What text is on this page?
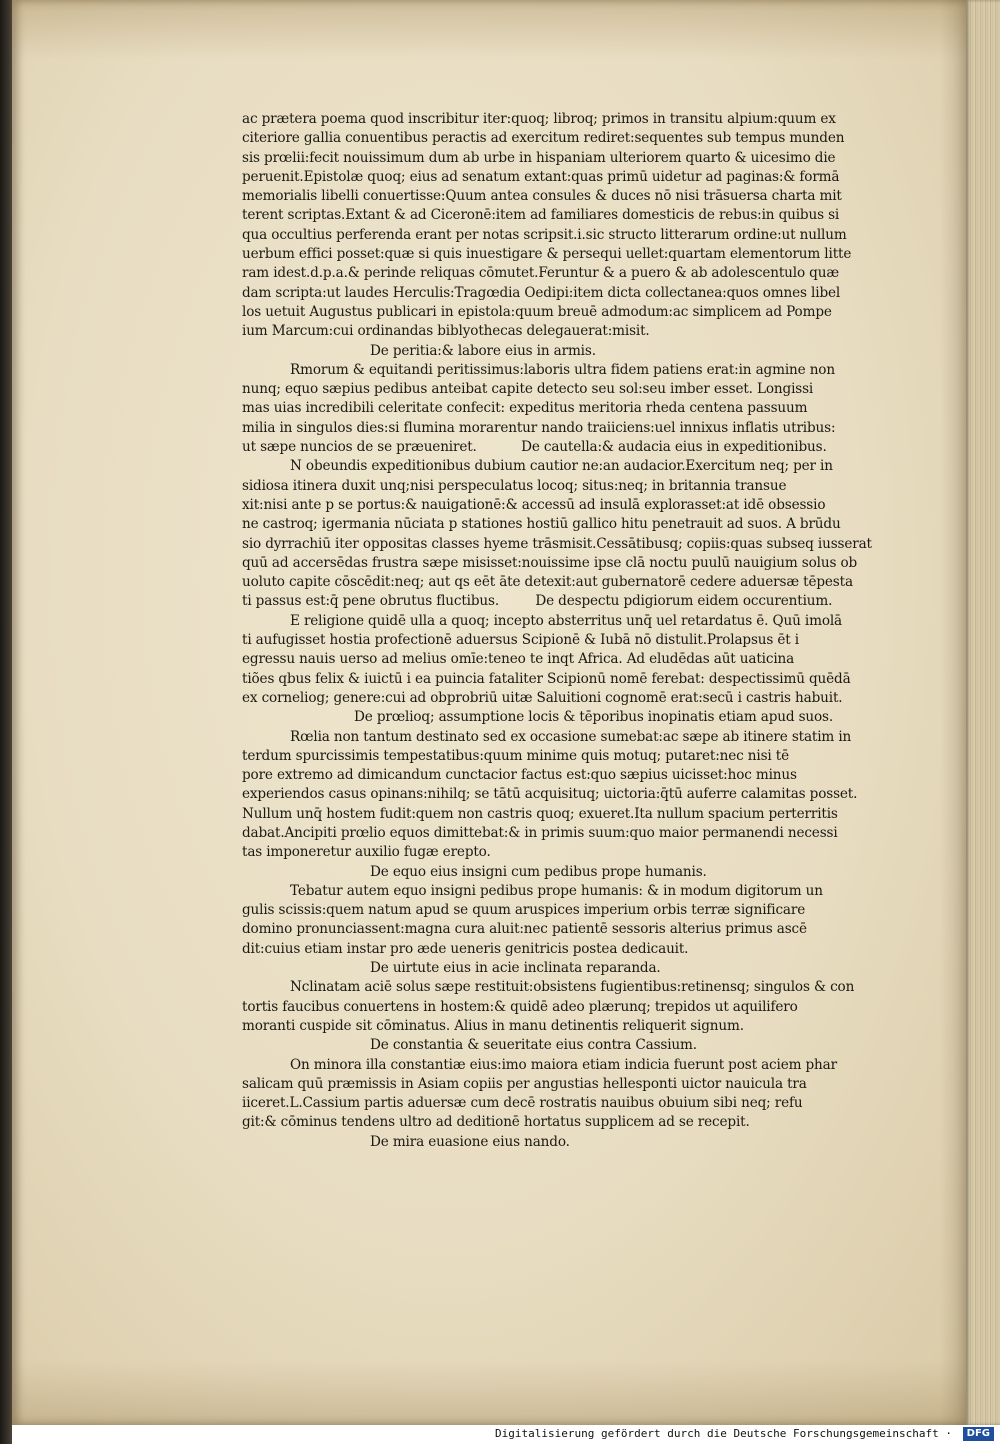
ac prætera poema quod inscribitur iter:quoq; libroq; primos in transitu alpium:quum ex
citeriore gallia conuentibus peractis ad exercitum rediret:sequentes sub tempus munden
sis prœlii:fecit nouissimum dum ab urbe in hispaniam ulteriorem quarto & uicesimo die
peruenit.Epistolæ quoq; eius ad senatum extant:quas primū uidetur ad paginas:& formā
memorialis libelli conuertisse:Quum antea consules & duces nō nisi trāsuersa charta mit
terent scriptas.Extant & ad Ciceronē:item ad familiares domesticis de rebus:in quibus si
qua occultius perferenda erant per notas scripsit.i.sic structo litterarum ordine:ut nullum
uerbum effici posset:quæ si quis inuestigare & persequi uellet:quartam elementorum litte
ram idest.d.p.a.& perinde reliquas cōmutet.Feruntur & a puero & ab adolescentulo quæ
dam scripta:ut laudes Herculis:Tragœdia Oedipi:item dicta collectanea:quos omnes libel
los uetuit Augustus publicari in epistola:quum breuē admodum:ac simplicem ad Pompe
ium Marcum:cui ordinandas biblyothecas delegauerat:misit.
De peritia:& labore eius in armis.
Rmorum & equitandi peritissimus:laboris ultra fidem patiens erat:in agmine non
nunq; equo sæpius pedibus anteibat capite detecto seu sol:seu imber esset. Longissi
mas uias incredibili celeritate confecit: expeditus meritoria rheda centena passuum
milia in singulos dies:si flumina morarentur nando traiiciens:uel innixus inflatis utribus:
ut sæpe nuncios de se præueniret.	De cautella:& audacia eius in expeditionibus.
N obeundis expeditionibus dubium cautior ne:an audacior.Exercitum neq; per in
sidiosa itinera duxit unq;nisi perspeculatus locoq; situs:neq; in britannia transue
xit:nisi ante p se portus:& nauigationē:& accessū ad insulā explorasset:at idē obsessio
ne castroq; igermania nūciata p stationes hostiū gallico hitu penetrauit ad suos. A brūdu
sio dyrrachiū iter oppositas classes hyeme trāsmisit.Cessātibusq; copiis:quas subseq iusserat
quū ad accersēdas frustra sæpe misisset:nouissime ipse clā noctu puulū nauigium solus ob
uoluto capite cōscēdit:neq; aut qs eēt āte detexit:aut gubernatorē cedere aduersæ tēpesta
ti passus est:q̄ pene obrutus fluctibus.	De despectu pdigiorum eidem occurentium.
E religione quidē ulla a quoq; incepto absterritus unq̄ uel retardatus ē. Quū imolā
ti aufugisset hostia profectionē aduersus Scipionē & Iubā nō distulit.Prolapsus ēt i
egressu nauis uerso ad melius omīe:teneo te inqt Africa. Ad eludēdas aūt uaticina
tiões qbus felix & iuictū i ea puincia fataliter Scipionū nomē ferebat: despectissimū quēdā
ex corneliog; genere:cui ad obprobriū uitæ Saluitioni cognomē erat:secū i castris habuit.
De prœlioq; assumptione locis & tēporibus inopinatis etiam apud suos.
Rœlia non tantum destinato sed ex occasione sumebat:ac sæpe ab itinere statim in
terdum spurcissimis tempestatibus:quum minime quis motuq; putaret:nec nisi tē
pore extremo ad dimicandum cunctacior factus est:quo sæpius uicisset:hoc minus
experiendos casus opinans:nihilq; se tātū acquisituq; uictoria:q̄tū auferre calamitas posset.
Nullum unq̄ hostem fudit:quem non castris quoq; exueret.Ita nullum spacium perterritis
dabat.Ancipiti prœlio equos dimittebat:& in primis suum:quo maior permanendi necessi
tas imponeretur auxilio fugæ erepto.
De equo eius insigni cum pedibus prope humanis.
Tebatur autem equo insigni pedibus prope humanis: & in modum digitorum un
gulis scissis:quem natum apud se quum aruspices imperium orbis terræ significare
domino pronunciassent:magna cura aluit:nec patientē sessoris alterius primus ascē
dit:cuius etiam instar pro æde ueneris genitricis postea dedicauit.
De uirtute eius in acie inclinata reparanda.
Nclinatam aciē solus sæpe restituit:obsistens fugientibus:retinensq; singulos & con
tortis faucibus conuertens in hostem:& quidē adeo plærunq; trepidos ut aquilifero
moranti cuspide sit cōminatus. Alius in manu detinentis reliquerit signum.
De constantia & seueritate eius contra Cassium.
On minora illa constantiæ eius:imo maiora etiam indicia fuerunt post aciem phar
salicam quū præmissis in Asiam copiis per angustias hellesponti uictor nauicula tra
iiceret.L.Cassium partis aduersæ cum decē rostratis nauibus obuium sibi neq; refu
git:& cōminus tendens ultro ad deditionē hortatus supplicem ad se recepit.
De mira euasione eius nando.
Digitalisierung gefördert durch die Deutsche Forschungsgemeinschaft ·	DFG
